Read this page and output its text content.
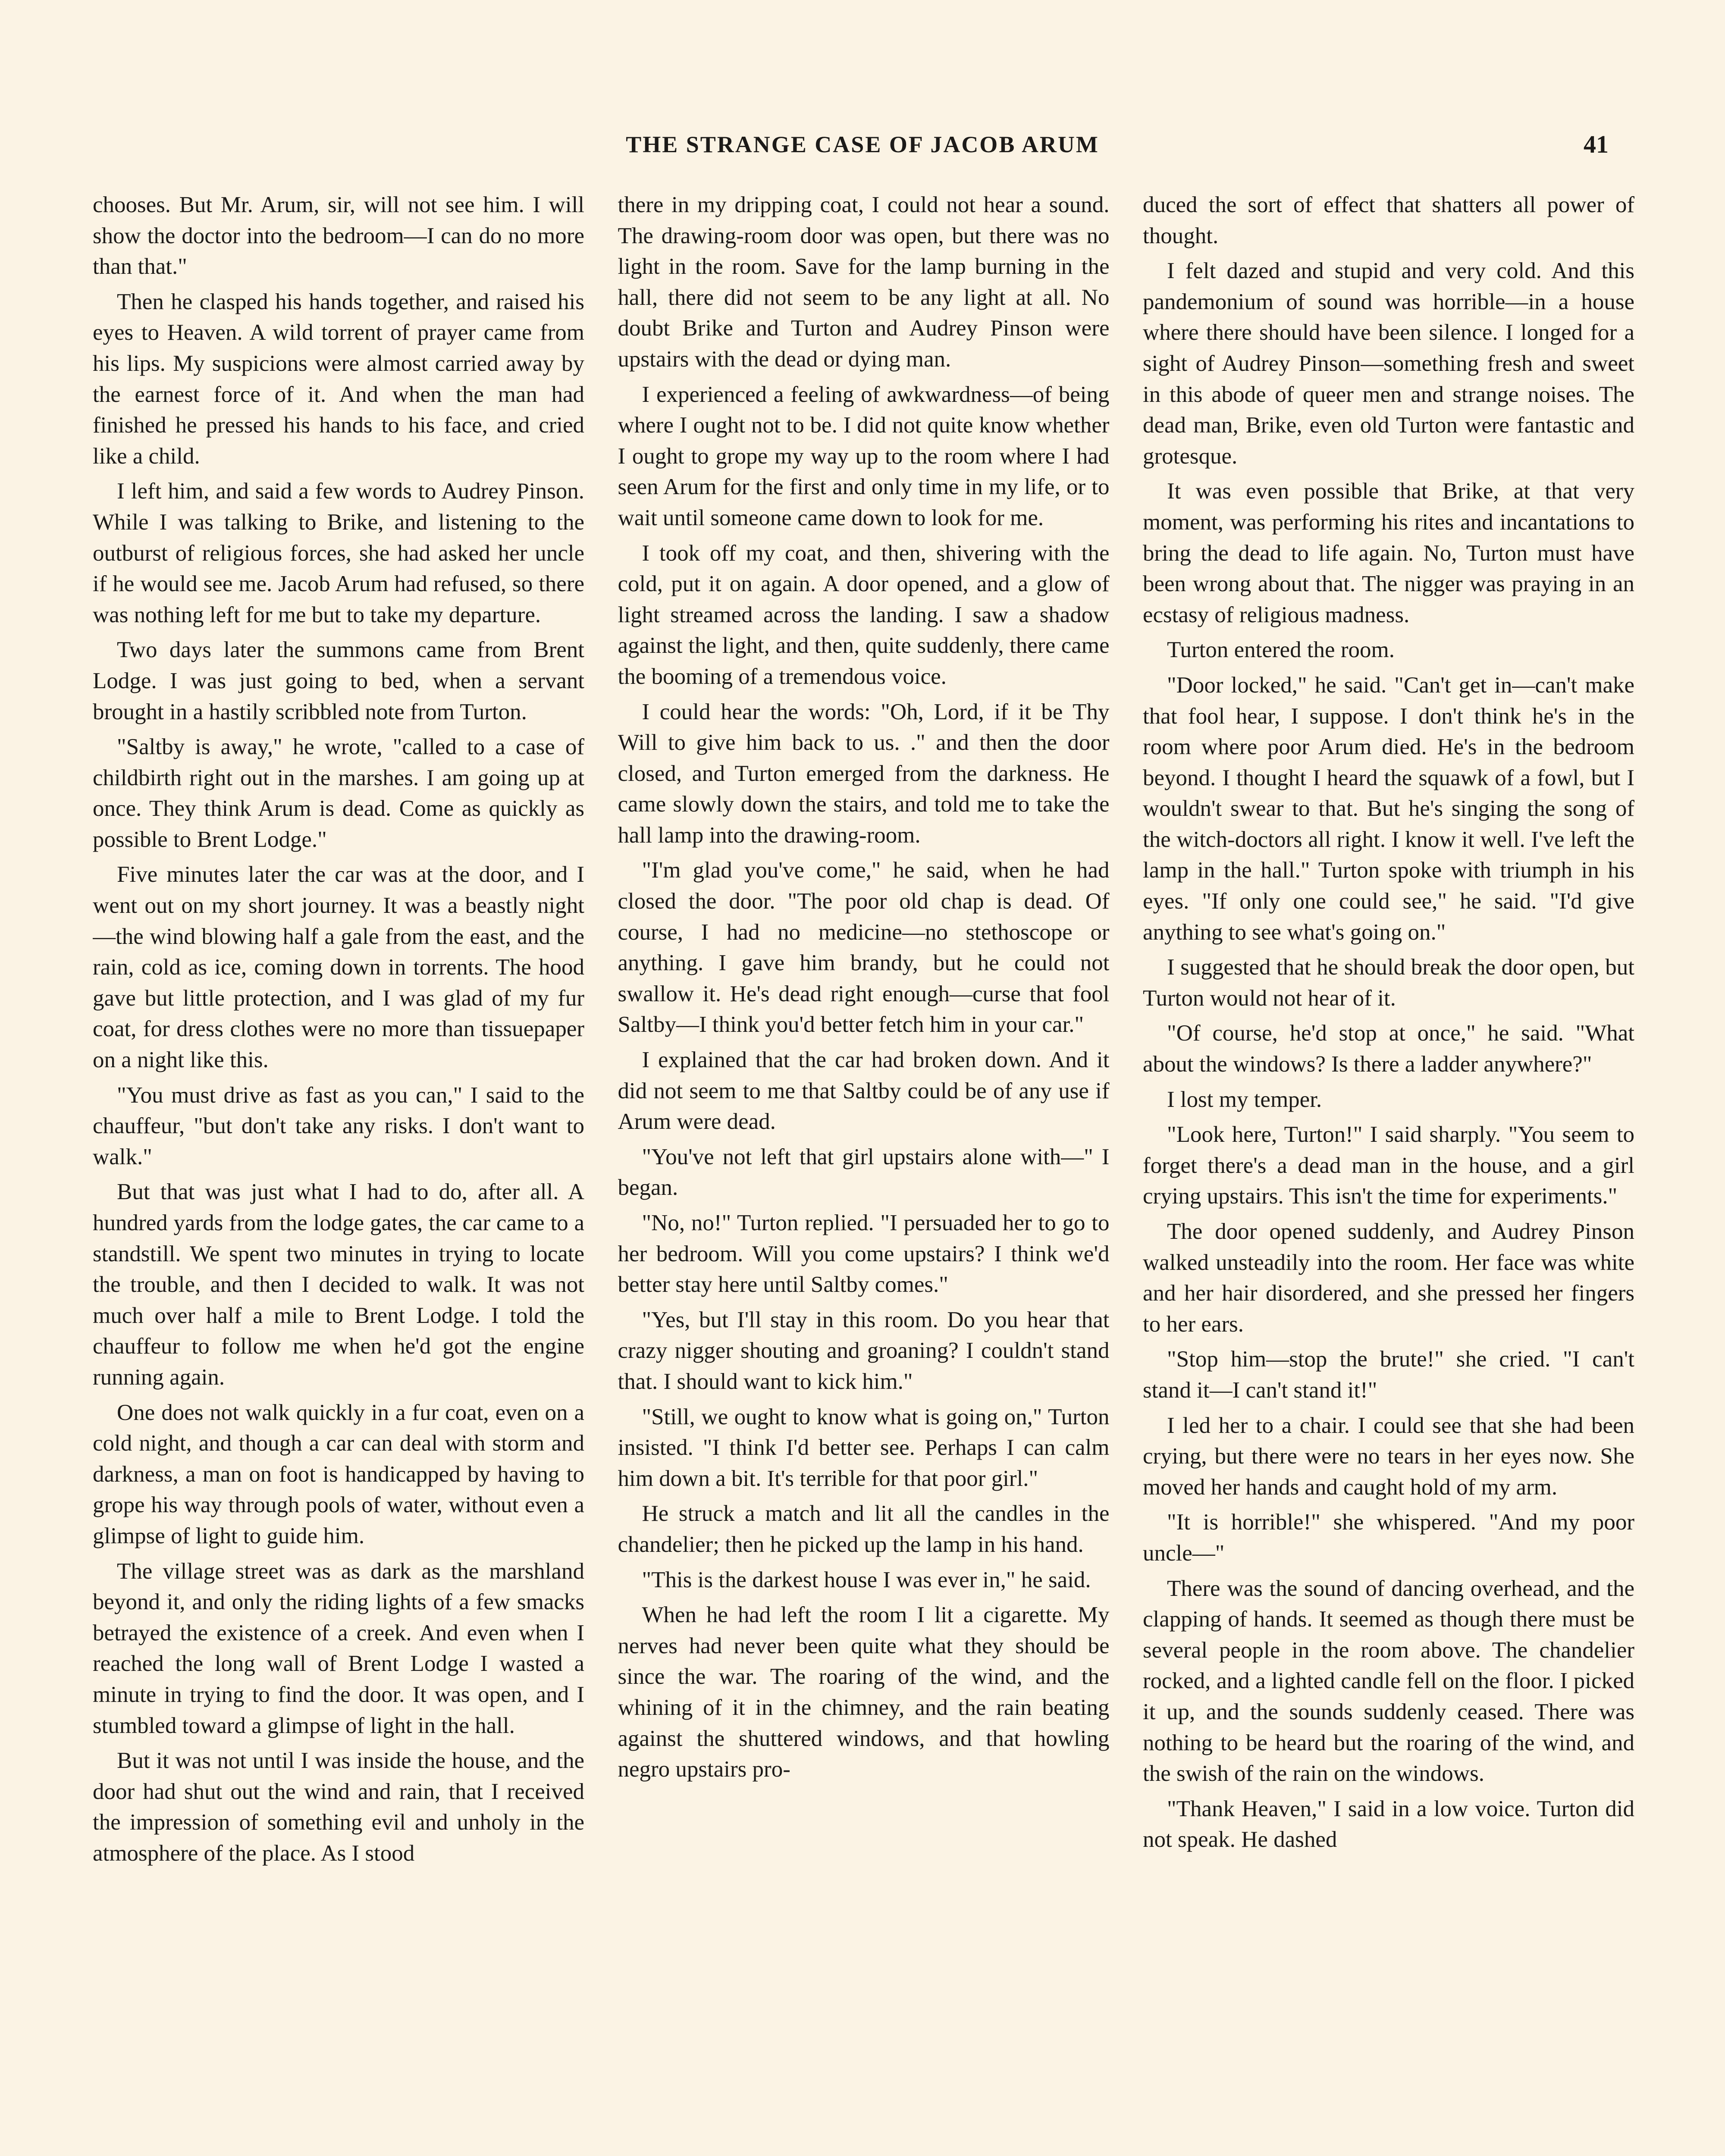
THE STRANGE CASE OF JACOB ARUM	41

chooses. But Mr. Arum, sir, will not see him. I will show the doctor into the bedroom—I can do no more than that."

Then he clasped his hands together, and raised his eyes to Heaven. A wild torrent of prayer came from his lips. My suspicions were almost carried away by the earnest force of it. And when the man had finished he pressed his hands to his face, and cried like a child.

I left him, and said a few words to Audrey Pinson. While I was talking to Brike, and listening to the outburst of religious forces, she had asked her uncle if he would see me. Jacob Arum had refused, so there was nothing left for me but to take my departure.

Two days later the summons came from Brent Lodge. I was just going to bed, when a servant brought in a hastily scribbled note from Turton.

"Saltby is away," he wrote, "called to a case of childbirth right out in the marshes. I am going up at once. They think Arum is dead. Come as quickly as possible to Brent Lodge."

Five minutes later the car was at the door, and I went out on my short journey. It was a beastly night—the wind blowing half a gale from the east, and the rain, cold as ice, coming down in torrents. The hood gave but little protection, and I was glad of my fur coat, for dress clothes were no more than tissuepaper on a night like this.

"You must drive as fast as you can," I said to the chauffeur, "but don't take any risks. I don't want to walk."

But that was just what I had to do, after all. A hundred yards from the lodge gates, the car came to a standstill. We spent two minutes in trying to locate the trouble, and then I decided to walk. It was not much over half a mile to Brent Lodge. I told the chauffeur to follow me when he'd got the engine running again.

One does not walk quickly in a fur coat, even on a cold night, and though a car can deal with storm and darkness, a man on foot is handicapped by having to grope his way through pools of water, without even a glimpse of light to guide him.

The village street was as dark as the marshland beyond it, and only the riding lights of a few smacks betrayed the existence of a creek. And even when I reached the long wall of Brent Lodge I wasted a minute in trying to find the door. It was open, and I stumbled toward a glimpse of light in the hall.

But it was not until I was inside the house, and the door had shut out the wind and rain, that I received the impression of something evil and unholy in the atmosphere of the place. As I stood

there in my dripping coat, I could not hear a sound. The drawing-room door was open, but there was no light in the room. Save for the lamp burning in the hall, there did not seem to be any light at all. No doubt Brike and Turton and Audrey Pinson were upstairs with the dead or dying man.

I experienced a feeling of awkwardness—of being where I ought not to be. I did not quite know whether I ought to grope my way up to the room where I had seen Arum for the first and only time in my life, or to wait until someone came down to look for me.

I took off my coat, and then, shivering with the cold, put it on again. A door opened, and a glow of light streamed across the landing. I saw a shadow against the light, and then, quite suddenly, there came the booming of a tremendous voice.

I could hear the words: "Oh, Lord, if it be Thy Will to give him back to us. ." and then the door closed, and Turton emerged from the darkness. He came slowly down the stairs, and told me to take the hall lamp into the drawing-room.

"I'm glad you've come," he said, when he had closed the door. "The poor old chap is dead. Of course, I had no medicine—no stethoscope or anything. I gave him brandy, but he could not swallow it. He's dead right enough—curse that fool Saltby—I think you'd better fetch him in your car."

I explained that the car had broken down. And it did not seem to me that Saltby could be of any use if Arum were dead.

"You've not left that girl upstairs alone with—" I began.

"No, no!" Turton replied. "I persuaded her to go to her bedroom. Will you come upstairs? I think we'd better stay here until Saltby comes."

"Yes, but I'll stay in this room. Do you hear that crazy nigger shouting and groaning? I couldn't stand that. I should want to kick him."

"Still, we ought to know what is going on," Turton insisted. "I think I'd better see. Perhaps I can calm him down a bit. It's terrible for that poor girl."

He struck a match and lit all the candles in the chandelier; then he picked up the lamp in his hand.

"This is the darkest house I was ever in," he said.

When he had left the room I lit a cigarette. My nerves had never been quite what they should be since the war. The roaring of the wind, and the whining of it in the chimney, and the rain beating against the shuttered windows, and that howling negro upstairs pro-

duced the sort of effect that shatters all power of thought.

I felt dazed and stupid and very cold. And this pandemonium of sound was horrible—in a house where there should have been silence. I longed for a sight of Audrey Pinson—something fresh and sweet in this abode of queer men and strange noises. The dead man, Brike, even old Turton were fantastic and grotesque.

It was even possible that Brike, at that very moment, was performing his rites and incantations to bring the dead to life again. No, Turton must have been wrong about that. The nigger was praying in an ecstasy of religious madness.

Turton entered the room.

"Door locked," he said. "Can't get in—can't make that fool hear, I suppose. I don't think he's in the room where poor Arum died. He's in the bedroom beyond. I thought I heard the squawk of a fowl, but I wouldn't swear to that. But he's singing the song of the witch-doctors all right. I know it well. I've left the lamp in the hall." Turton spoke with triumph in his eyes. "If only one could see," he said. "I'd give anything to see what's going on."

I suggested that he should break the door open, but Turton would not hear of it.

"Of course, he'd stop at once," he said. "What about the windows? Is there a ladder anywhere?"

I lost my temper.

"Look here, Turton!" I said sharply. "You seem to forget there's a dead man in the house, and a girl crying upstairs. This isn't the time for experiments."

The door opened suddenly, and Audrey Pinson walked unsteadily into the room. Her face was white and her hair disordered, and she pressed her fingers to her ears.

"Stop him—stop the brute!" she cried. "I can't stand it—I can't stand it!"

I led her to a chair. I could see that she had been crying, but there were no tears in her eyes now. She moved her hands and caught hold of my arm.

"It is horrible!" she whispered. "And my poor uncle—"

There was the sound of dancing overhead, and the clapping of hands. It seemed as though there must be several people in the room above. The chandelier rocked, and a lighted candle fell on the floor. I picked it up, and the sounds suddenly ceased. There was nothing to be heard but the roaring of the wind, and the swish of the rain on the windows.

"Thank Heaven," I said in a low voice. Turton did not speak. He dashed
